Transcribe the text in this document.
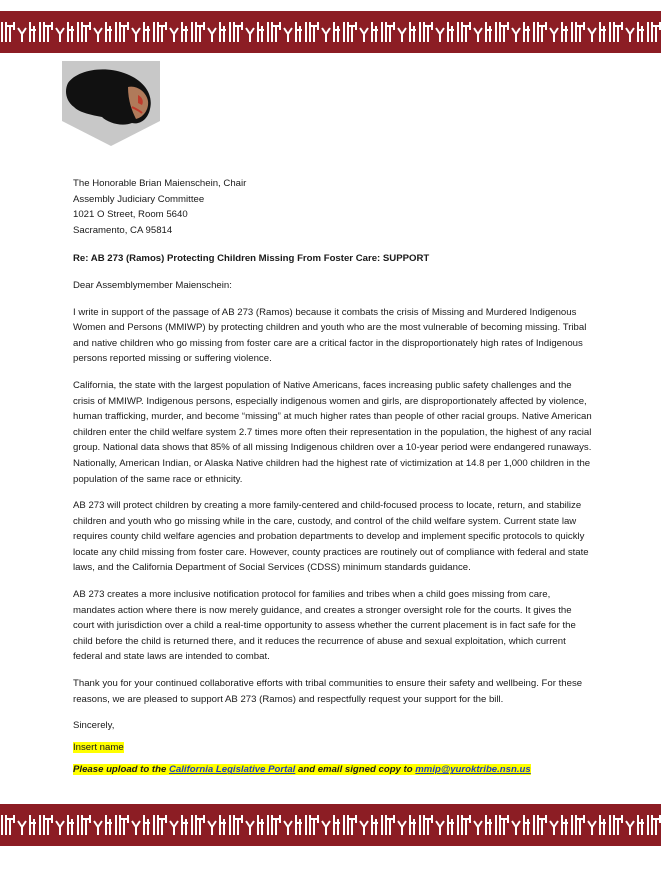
The Honorable Brian Maienschein, Chair
Assembly Judiciary Committee
1021 O Street, Room 5640
Sacramento, CA 95814
Re: AB 273 (Ramos) Protecting Children Missing From Foster Care: SUPPORT
Dear Assemblymember Maienschein:
I write in support of the passage of AB 273 (Ramos) because it combats the crisis of Missing and Murdered Indigenous Women and Persons (MMIWP) by protecting children and youth who are the most vulnerable of becoming missing. Tribal and native children who go missing from foster care are a critical factor in the disproportionately high rates of Indigenous persons reported missing or suffering violence.
California, the state with the largest population of Native Americans, faces increasing public safety challenges and the crisis of MMIWP. Indigenous persons, especially indigenous women and girls, are disproportionately affected by violence, human trafficking, murder, and become “missing” at much higher rates than people of other racial groups. Native American children enter the child welfare system 2.7 times more often their representation in the population, the highest of any racial group. National data shows that 85% of all missing Indigenous children over a 10-year period were endangered runaways. Nationally, American Indian, or Alaska Native children had the highest rate of victimization at 14.8 per 1,000 children in the population of the same race or ethnicity.
AB 273 will protect children by creating a more family-centered and child-focused process to locate, return, and stabilize children and youth who go missing while in the care, custody, and control of the child welfare system. Current state law requires county child welfare agencies and probation departments to develop and implement specific protocols to quickly locate any child missing from foster care. However, county practices are routinely out of compliance with federal and state laws, and the California Department of Social Services (CDSS) minimum standards guidance.
AB 273 creates a more inclusive notification protocol for families and tribes when a child goes missing from care, mandates action where there is now merely guidance, and creates a stronger oversight role for the courts. It gives the court with jurisdiction over a child a real-time opportunity to assess whether the current placement is in fact safe for the child before the child is returned there, and it reduces the recurrence of abuse and sexual exploitation, which current federal and state laws are intended to combat.
Thank you for your continued collaborative efforts with tribal communities to ensure their safety and wellbeing. For these reasons, we are pleased to support AB 273 (Ramos) and respectfully request your support for the bill.
Sincerely,
Insert name
Please upload to the California Legislative Portal and email signed copy to mmip@yuroktribe.nsn.us
